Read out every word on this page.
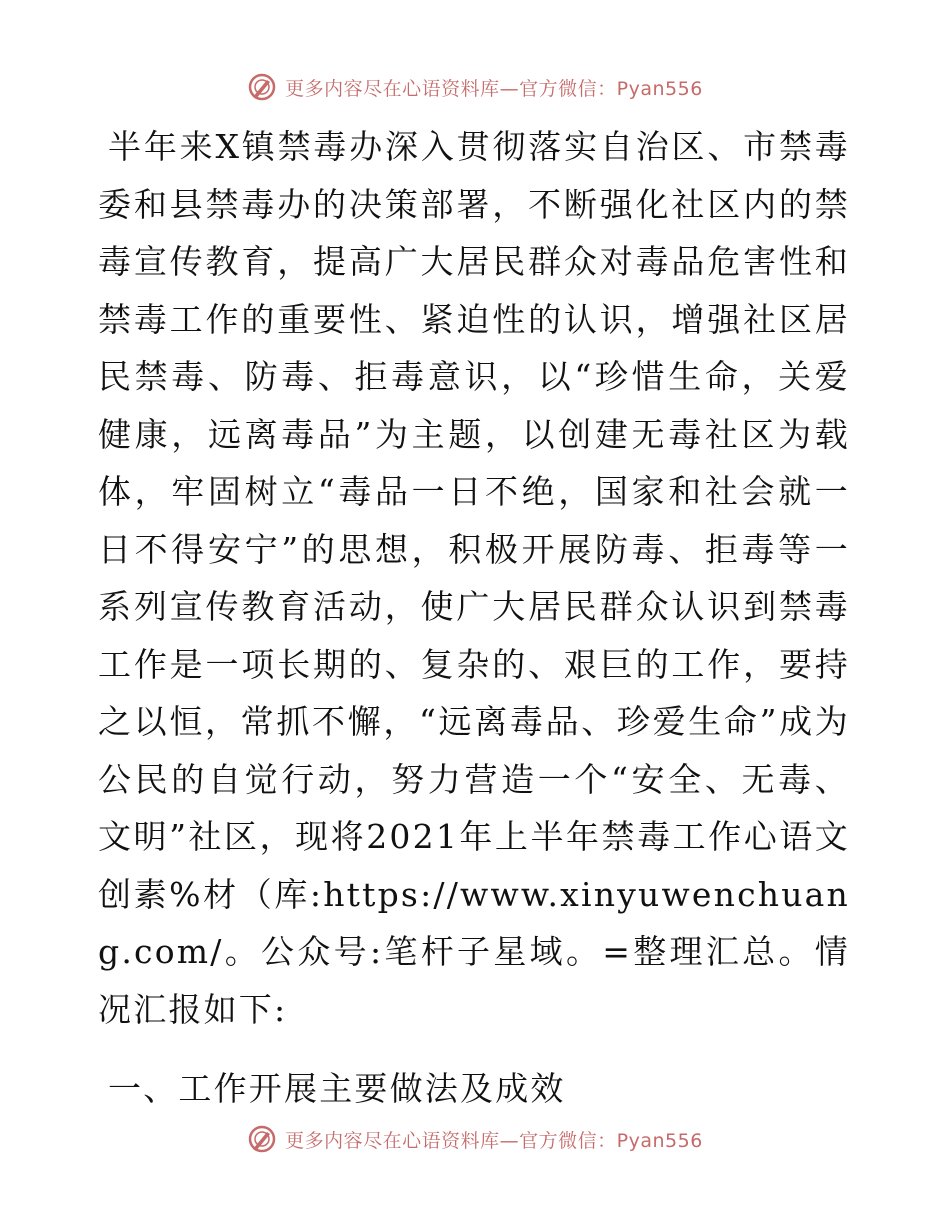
更多内容尽在心语资料库—官方微信：Pyan556

半年来X镇禁毒办深入贯彻落实自治区、市禁毒委和县禁毒办的决策部署，不断强化社区内的禁毒宣传教育，提高广大居民群众对毒品危害性和禁毒工作的重要性、紧迫性的认识，增强社区居民禁毒、防毒、拒毒意识，以“珍惜生命，关爱健康，远离毒品”为主题，以创建无毒社区为载体，牢固树立“毒品一日不绝，国家和社会就一日不得安宁”的思想，积极开展防毒、拒毒等一系列宣传教育活动，使广大居民群众认识到禁毒工作是一项长期的、复杂的、艰巨的工作，要持之以恒，常抓不懈，“远离毒品、珍爱生命”成为公民的自觉行动，努力营造一个“安全、无毒、文明”社区，现将2021年上半年禁毒工作心语文创素%材（库:https://www.xinyuwenchuang.com/。公众号:笔杆子星域。=整理汇总。情况汇报如下:

一、工作开展主要做法及成效
更多内容尽在心语资料库—官方微信：Pyan556
